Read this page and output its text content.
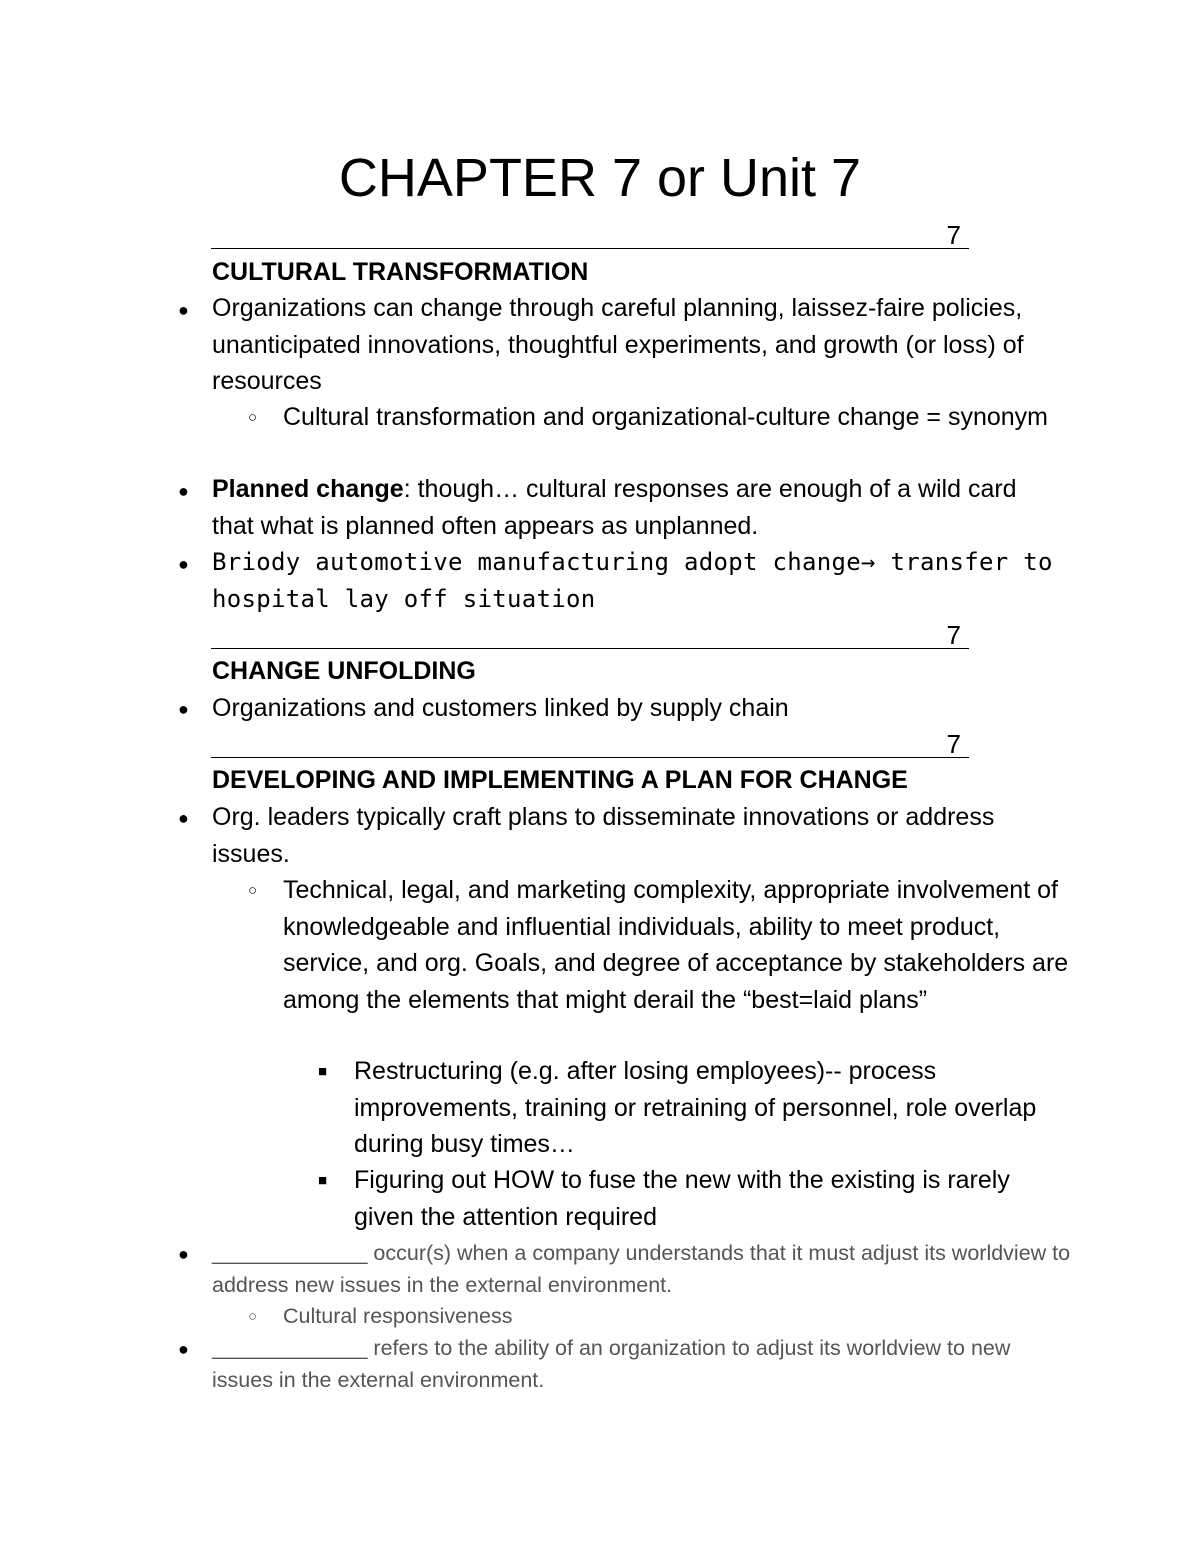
CHAPTER 7 or Unit 7
7
CULTURAL TRANSFORMATION
● Organizations can change through careful planning, laissez-faire policies, unanticipated innovations, thoughtful experiments, and growth (or loss) of resources
○ Cultural transformation and organizational-culture change = synonym
● Planned change: though… cultural responses are enough of a wild card that what is planned often appears as unplanned.
● Briody automotive manufacturing adopt change→ transfer to hospital lay off situation
7
CHANGE UNFOLDING
● Organizations and customers linked by supply chain
7
DEVELOPING AND IMPLEMENTING A PLAN FOR CHANGE
● Org. leaders typically craft plans to disseminate innovations or address issues.
○ Technical, legal, and marketing complexity, appropriate involvement of knowledgeable and influential individuals, ability to meet product, service, and org. Goals, and degree of acceptance by stakeholders are among the elements that might derail the “best=laid plans”
■ Restructuring (e.g. after losing employees)-- process improvements, training or retraining of personnel, role overlap during busy times…
■ Figuring out HOW to fuse the new with the existing is rarely given the attention required
● _____________ occur(s) when a company understands that it must adjust its worldview to address new issues in the external environment.
○ Cultural responsiveness
● _____________ refers to the ability of an organization to adjust its worldview to new issues in the external environment.
